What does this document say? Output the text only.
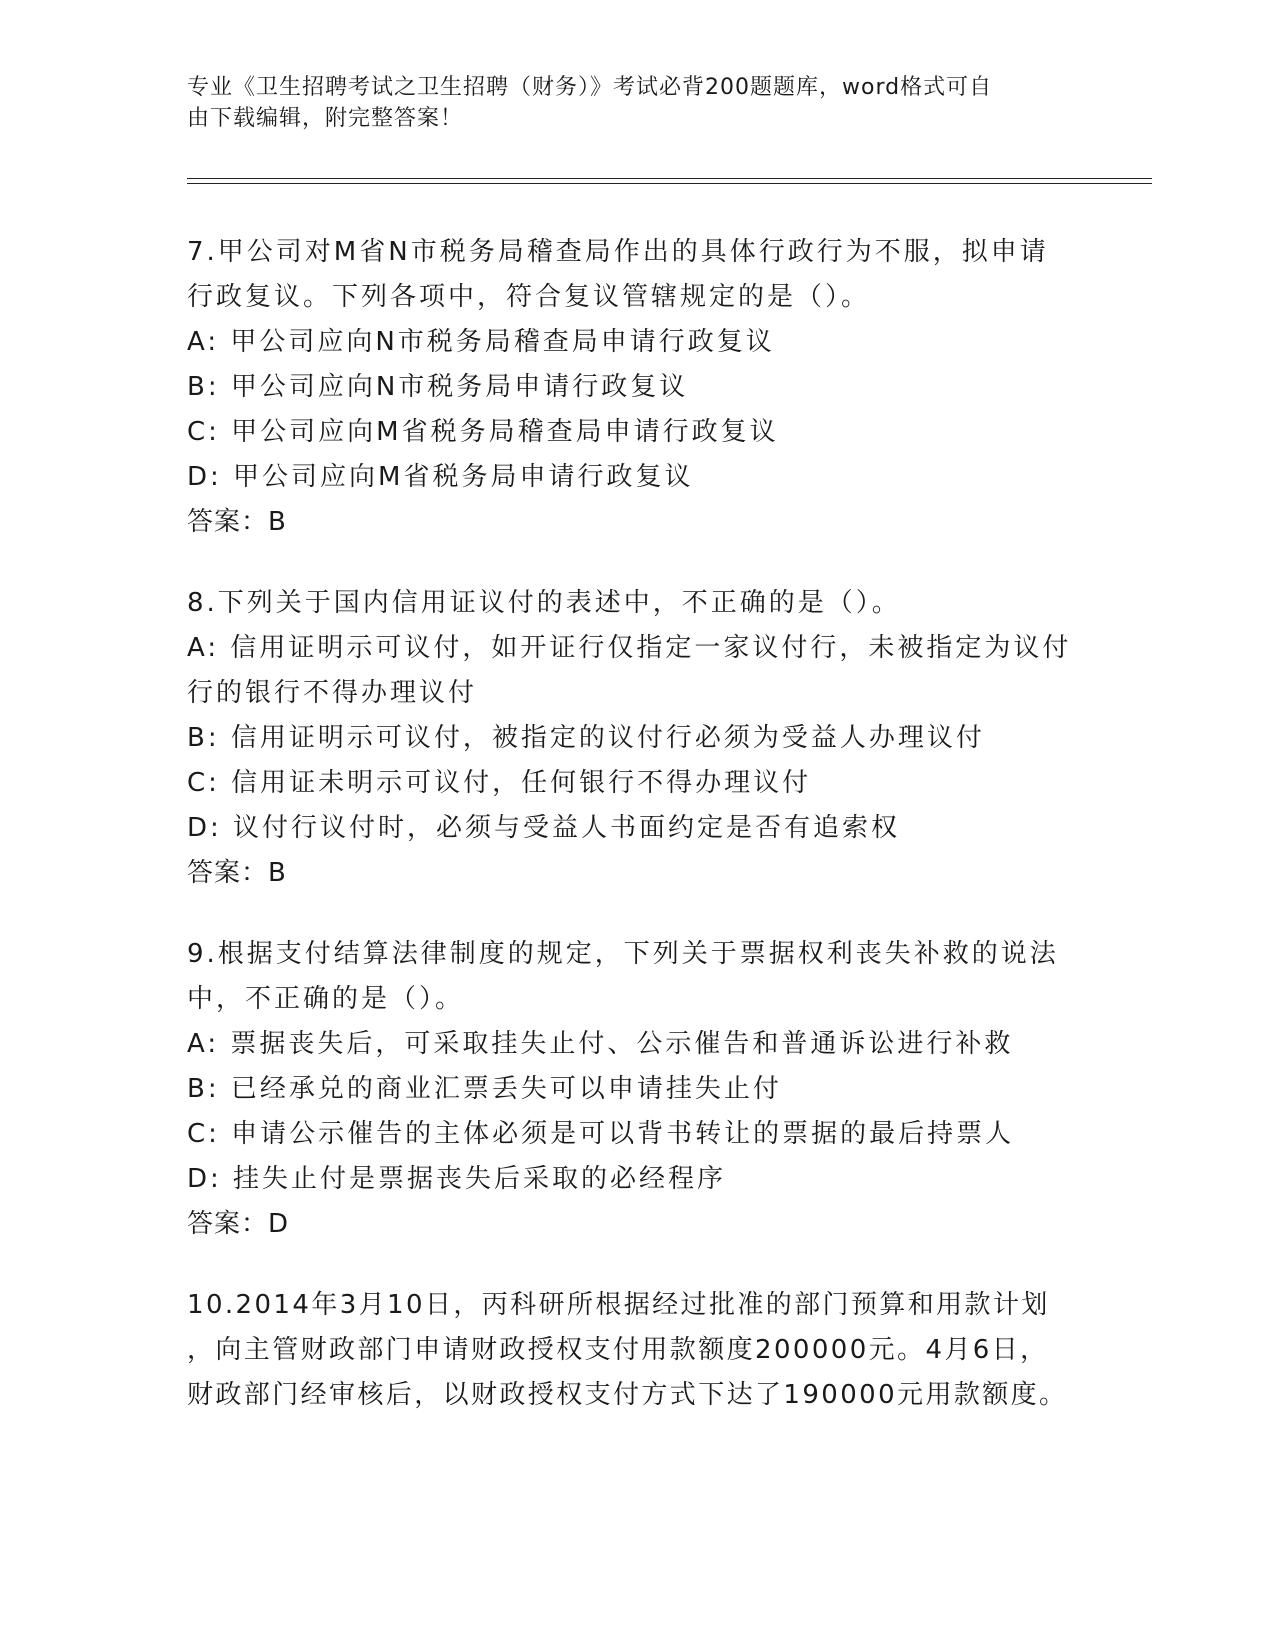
专业《卫生招聘考试之卫生招聘（财务）》考试必背200题题库，word格式可自
由下载编辑，附完整答案！
7.甲公司对M省N市税务局稽查局作出的具体行政行为不服，拟申请
行政复议。下列各项中，符合复议管辖规定的是（）。
A: 甲公司应向N市税务局稽查局申请行政复议
B: 甲公司应向N市税务局申请行政复议
C: 甲公司应向M省税务局稽查局申请行政复议
D: 甲公司应向M省税务局申请行政复议
答案：B
8.下列关于国内信用证议付的表述中，不正确的是（）。
A: 信用证明示可议付，如开证行仅指定一家议付行，未被指定为议付
行的银行不得办理议付
B: 信用证明示可议付，被指定的议付行必须为受益人办理议付
C: 信用证未明示可议付，任何银行不得办理议付
D: 议付行议付时，必须与受益人书面约定是否有追索权
答案：B
9.根据支付结算法律制度的规定，下列关于票据权利丧失补救的说法
中，不正确的是（）。
A: 票据丧失后，可采取挂失止付、公示催告和普通诉讼进行补救
B: 已经承兑的商业汇票丢失可以申请挂失止付
C: 申请公示催告的主体必须是可以背书转让的票据的最后持票人
D: 挂失止付是票据丧失后采取的必经程序
答案：D
10.2014年3月10日，丙科研所根据经过批准的部门预算和用款计划
，向主管财政部门申请财政授权支付用款额度200000元。4月6日，
财政部门经审核后，以财政授权支付方式下达了190000元用款额度。
